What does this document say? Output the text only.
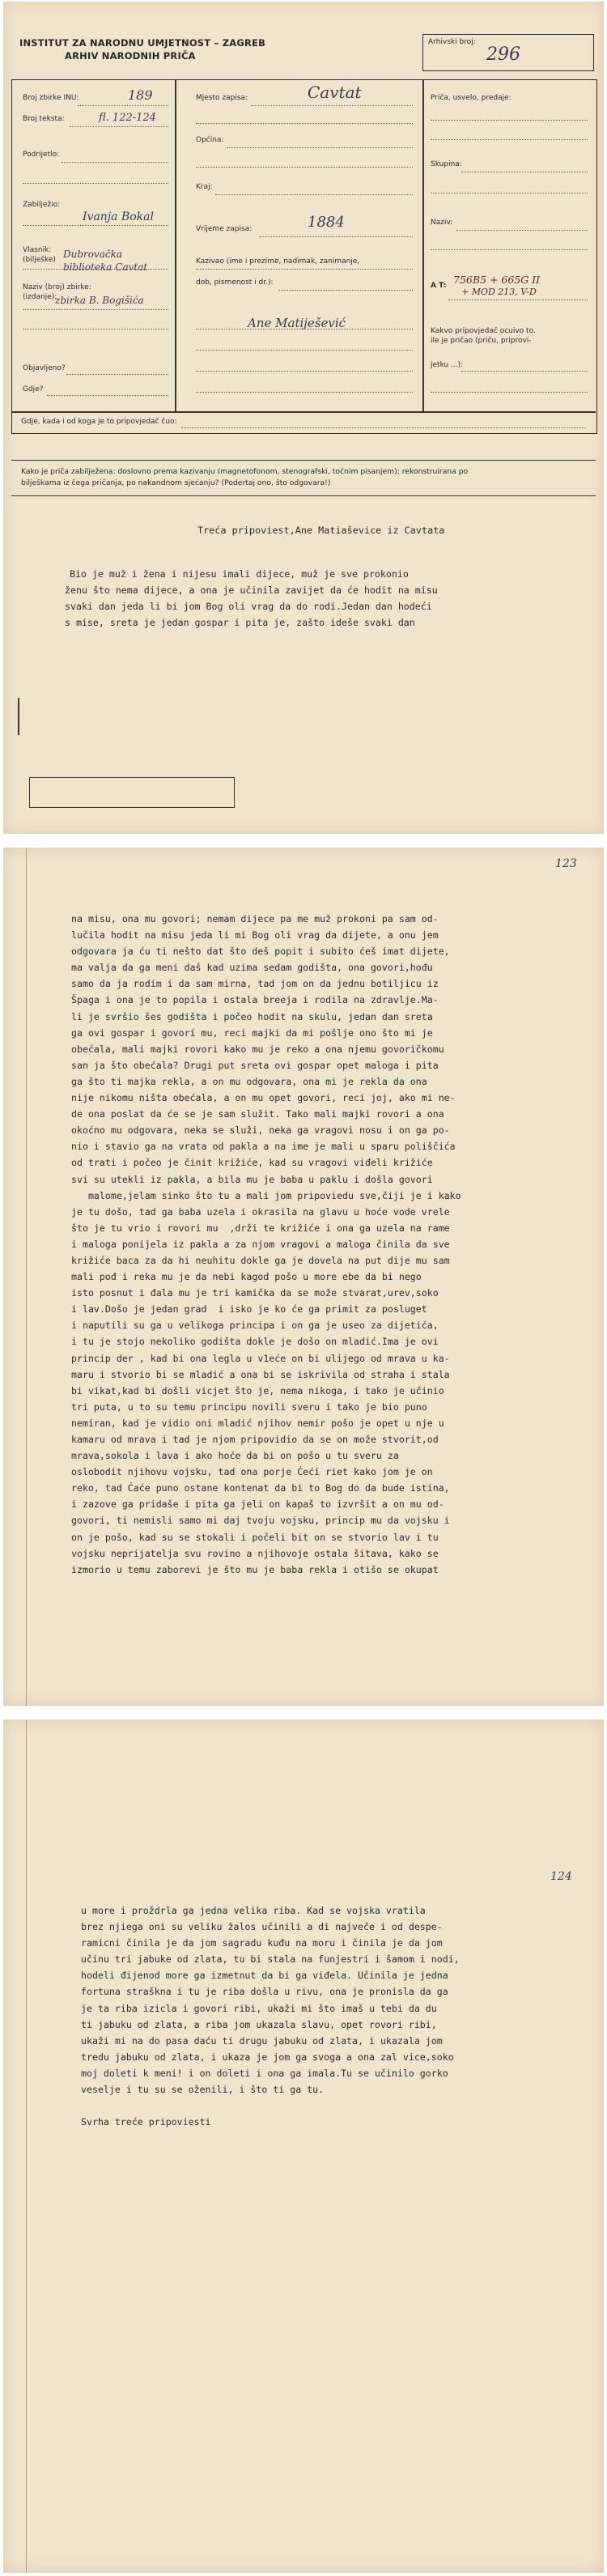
INSTITUT ZA NARODNU UMJETNOST – ZAGREB
ARHIV NARODNIH PRIČA
Arhivski broj:
296
Broj zbirke INU:	189
Broj teksta:	fl. 122-124
Podrijetlo:
Zabilježio:
Ivanja Bokal
Vlasnik:
(bilješke) Dubrovačka biblioteka Cavtat
Naziv (broj) zbirke:
(izdanje):
zbirka B. Bogišića
Objavljeno?
Gdje?
Mjesto zapisa:	Cavtat
Općina:
Kraj:
Vrijeme zapisa:	1884
Kazivao (ime i prezime, nadimak, zanimanje,
dob, pismenost i dr.):
Ane Matiješević
Priča, usvelo, predaje:
Skupina:
Naziv:
A T: 756B5 + 665G II
+ MOD 213, V-D
Kakvo pripovjedač ocuivo to.
ile je pričao (priču, priprovi-
jetku ...):
Gdje, kada i od koga je to pripovjedač čuo:
Kako je priča zabilježena: doslovno prema kazivanju (magnetofonom, stenografski, točnim pisanjem); rekonstruirana po
bilješkama iz čega pričanja, po nakandnom sjećanju? (Podertaj ono, što odgovara!)
Treća pripoviest,Ane Matiaševice iz Cavtata
Bio je muž i žena i nijesu imali dijece, muž je sve prokonio
ženu što nema dijece, a ona je učinila zavijet da će hodit na misu
svaki dan jeda li bi jom Bog oli vrag da do rodi.Jedan dan hodeći
s mise, sreta je jedan gospar i pita je, zašto ideše svaki dan
123
na misu, ona mu govori; nemam dijece pa me muž prokoni pa sam od-
lučila hodit na misu jeda li mi Bog oli vrag da dijete, a onu jem
odgovara ja ću ti nešto dat što deš popit i subito ćeš imat dijete,
ma valja da ga meni daš kad uzima sedam godišta, ona govori,hođu
samo da ja rodim i da sam mirna, tad jom on da jednu botiljicu iz
Špaga i ona je to popila i ostala breeja i rodila na zdravlje.Ma-
li je svršio šes godišta i počeo hodit na skulu, jedan dan sreta
ga ovi gospar i govorí mu, reci majki da mi pošlje ono što mi je
obećala, mali majki rovori kako mu je reko a ona njemu govoričkomu
san ja što obećala? Drugi put sreta ovi gospar opet maloga i pita
ga što ti majka rekla, a on mu odgovara, ona mi je rekla da ona
nije nikomu ništa obećala, a on mu opet govori, reci joj, ako mi ne-
de ona poslat da će se je sam služit. Tako mali majki rovori a ona
okoćno mu odgovara, neka se služi, neka ga vragovi nosu i on ga po-
nio i stavio ga na vrata od pakla a na ime je mali u sparu poliščića
od trati i počeo je činit križiće, kad su vragovi viđeli križiće
svi su utekli iz pakla, a bila mu je baba u paklu i došla govori
malome,jelam sinko što tu a mali jom pripoviedu sve,čiji je i kako
je tu došo, tad ga baba uzela i okrasila na glavu u hoće vode vrele
što je tu vrio i rovori mu  ,drži te križiće i ona ga uzela na rame
i maloga ponijela iz pakla a za njom vragovi a maloga činila da sve
križiće baca za da hi neuhitu dokle ga je dovela na put dije mu sam
mali pođ i reka mu je da nebi kagod pošo u more ebe da bi nego
isto posnut i đala mu je tri kamička da se može stvarat,urev,soko
i lav.Došo je jedan grad  i isko je ko će ga primit za posluget
i naputili su ga u velikoga principa i on ga je useo za dijetića,
i tu je stojo nekoliko godišta dokle je došo on mladić.Ima je ovi
princip der , kad bi ona legla u v1eće on bi ulijego od mrava u ka-
maru i stvorio bi se mladić a ona bi se iskrivila od straha i stala
bi vikat,kad bi došli vicjet što je, nema nikoga, i tako je učinio
tri puta, u to su temu principu novili sveru i tako je bio puno
nemiran, kad je vidio oni mladić njihov nemir pošo je opet u nje u
kamaru od mrava i tad je njom pripovidio da se on može stvorit,od
mrava,sokola i lava i ako hoće da bi on pošo u tu sveru za
oslobodit njihovu vojsku, tad ona porje Ćeći riet kako jom je on
reko, tad Ćaće puno ostane kontenat da bi to Bog do da bude istina,
i zazove ga pridaše i pita ga jeli on kapaš to izvršit a on mu od-
govori, ti nemisli samo mi daj tvoju vojsku, princip mu da vojsku i
on je pošo, kad su se stokali i počeli bit on se stvorio lav i tu
vojsku neprijatelja svu rovino a njihovoje ostala šitava, kako se
izmorio u temu zaborevi je što mu je baba rekla i otišo se okupat
124
u more i proždrla ga jedna velika riba. Kad se vojska vratila
brez njiega oni su veliku žalos učinili a di največe i od despe-
ramicni činila je da jom sagradu kuđu na moru i činila je da jom
učinu tri jabuke od zlata, tu bi stala na funjestri i šamom i nodi,
hodeli đijenod more ga izmetnut da bi ga viđela. Učinila je jedna
fortuna straškna i tu je riba došla u rivu, ona je pronisla da ga
je ta riba izicla i govori ribi, ukaži mi što imaš u tebi da du
ti jabuku od zlata, a riba jom ukazala slavu, opet rovori ribi,
ukaži mi na do pasa daću ti drugu jabuku od zlata, i ukazala jom
tredu jabuku od zlata, i ukaza je jom ga svoga a ona zal vice,soko
moj doleti k meni! i on doleti i ona ga imala.Tu se učinilo gorko
veselje i tu su se oženili, i što ti ga tu.

Svrha treće pripoviesti
